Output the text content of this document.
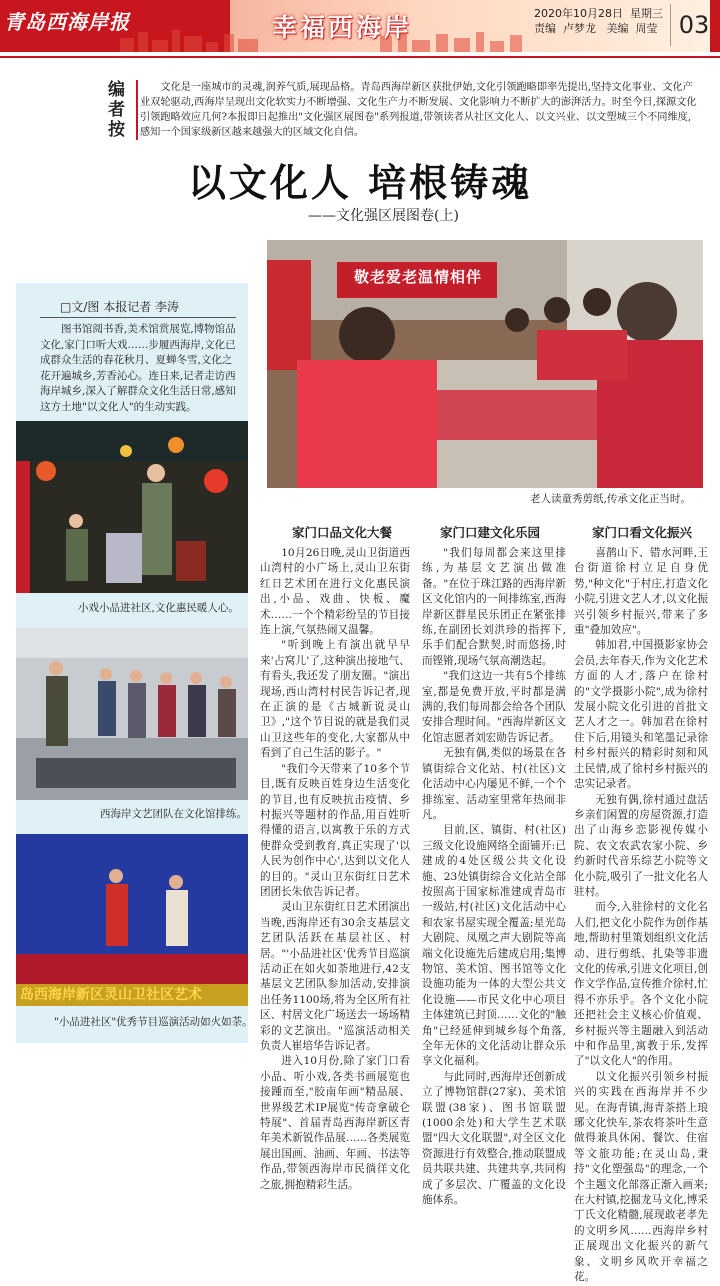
青岛西海岸报	幸福西海岸	2020年10月28日 星期三
责编 卢梦龙 美编 周莹 03
编者按
文化是一座城市的灵魂,润养气质,展现品格。青岛西海岸新区获批伊始,文化引领跑略即率先提出,坚持文化事业、文化产业双轮驱动,西海岸呈现出文化软实力不断增强、文化生产力不断发展、文化影响力不断扩大的澎湃活力。时至今日,探源文化引领跑略效应几何?本报即日起推出"文化强区展图卷"系列报道,带领读者从社区文化人、以文兴业、以文塑城三个不同维度,感知一个国家级新区越来越强大的区域文化自信。
以文化人 培根铸魂
——文化强区展图卷(上)
敬老爱老温情相伴
老人读童秀剪纸,传承文化正当时。
□文/图 本报记者 李涛
图书馆阅书香,美术馆赏展览,博物馆品文化,家门口听大戏……步履西海岸,文化已成群众生活的春花秋月、夏蝉冬雪,文化之花开遍城乡,芳香沁心。连日来,记者走访西海岸城乡,深入了解群众文化生活日常,感知这方土地"以文化人"的生动实践。
小戏小品进社区,文化惠民暖人心。
西海岸文艺团队在文化馆排练。
岛西海岸新区灵山卫社区艺术
"小品进社区"优秀节目巡演活动如火如荼。
家门口品文化大餐

10月26日晚,灵山卫街道西山湾村的小广场上,灵山卫东街红日艺术团在进行文化惠民演出,小品、戏曲、快板、魔术……一个个精彩纷呈的节目接连上演,气氛热闹又温馨。

"听到晚上有演出就早早来'占窝儿'了,这种演出接地气、有看头,我还发了朋友圈。"演出现场,西山湾村村民告诉记者,现在正演的是《古城新说灵山卫》,"这个节目说的就是我们灵山卫这些年的变化,大家都从中看到了自己生活的影子。"

"我们今天带来了10多个节目,既有反映百姓身边生活变化的节目,也有反映抗击疫情、乡村振兴等题材的作品,用百姓听得懂的语言,以寓教于乐的方式使群众受到教育,真正实现了'以人民为创作中心',达到以文化人的目的。"灵山卫东街红日艺术团团长朱依告诉记者。

灵山卫东街红日艺术团演出当晚,西海岸还有30余支基层文艺团队活跃在基层社区、村居。"'小品进社区'优秀节目巡演活动正在如火如荼地进行,42支基层文艺团队参加活动,安排演出任务1100场,将为全区所有社区、村居文化广场送去一场场精彩的文艺演出。"巡演活动相关负责人崔培华告诉记者。

进入10月份,除了家门口看小品、听小戏,各类书画展览也接踵而至,"胶南年画"精品展、世界级艺术IP展览"传奇拿破仑特展"、首届青岛西海岸新区青年美术新锐作品展……各类展览展出国画、油画、年画、书法等作品,带领西海岸市民徜徉文化之旅,拥抱精彩生活。

家门口建文化乐园

"我们每周都会来这里排练,为基层文艺演出做准备。"在位于珠江路的西海岸新区文化馆内的一间排练室,西海岸新区群星民乐团正在紧张排练,在副团长刘洪珍的指挥下,乐手们配合默契,时而悠扬,时而铿锵,现场气氛高潮迭起。

"我们这边一共有5个排练室,都是免费开放,平时都是满满的,我们每周都会给各个团队安排合理时间。"西海岸新区文化馆志愿者刘宏勋告诉记者。

无独有偶,类似的场景在各镇街综合文化站、村(社区)文化活动中心内屡见不鲜,一个个排练室、活动室里常年热闹非凡。

目前,区、镇街、村(社区)三级文化设施网络全面铺开:已建成的4处区级公共文化设施、23处镇街综合文化站全部按照高于国家标准建成青岛市一级站,村(社区)文化活动中心和农家书屋实现全覆盖;星光岛大剧院、凤凰之声大剧院等高端文化设施先后建成启用;集博物馆、美术馆、图书馆等文化设施功能为一体的大型公共文化设施——市民文化中心项目主体建筑已封顶……文化的"触角"已经延伸到城乡每个角落,全年无休的文化活动让群众乐享文化福利。

与此同时,西海岸还创新成立了博物馆群(27家)、美术馆联盟(38家)、图书馆联盟(1000余处)和大学生艺术联盟"四大文化联盟",对全区文化资源进行有效整合,推动联盟成员共联共建、共建共享,共同构成了多层次、广覆盖的文化设施体系。

家门口看文化振兴

喜鹊山下、错水河畔,王台街道徐村立足自身优势,"种文化"于村庄,打造文化小院,引进文艺人才,以文化振兴引领乡村振兴,带来了多重"叠加效应"。

韩加君,中国摄影家协会会员,去年春天,作为文化艺术方面的人才,落户在徐村的"文学摄影小院",成为徐村发展小院文化引进的首批文艺人才之一。韩加君在徐村住下后,用镜头和笔墨记录徐村乡村振兴的精彩时刻和风土民情,成了徐村乡村振兴的忠实记录者。

无独有偶,徐村通过盘活乡亲们闲置的房屋资源,打造出了山海乡恋影视传媒小院、农文农武农家小院、乡约新时代音乐综艺小院等文化小院,吸引了一批文化名人驻村。

而今,入驻徐村的文化名人们,把文化小院作为创作基地,帮助村里策划组织文化活动、进行剪纸、扎染等非遗文化的传承,引进文化项目,创作文学作品,宣传推介徐村,忙得不亦乐乎。各个文化小院还把社会主义核心价值观、乡村振兴等主题融入到活动中和作品里,寓教于乐,发挥了"以文化人"的作用。

以文化振兴引领乡村振兴的实践在西海岸并不少见。在海青镇,海青茶搭上琅琊文化快车,茶农将茶叶生意做得兼具休闲、餐饮、住宿等文旅功能;在灵山岛,秉持"文化塑强岛"的理念,一个个主题文化部落正渐入画来;在大村镇,挖掘龙马文化,博采丁氏文化精髓,展现敢老孝先的文明乡风……西海岸乡村正展现出文化振兴的新气象、文明乡风吹开幸福之花。
